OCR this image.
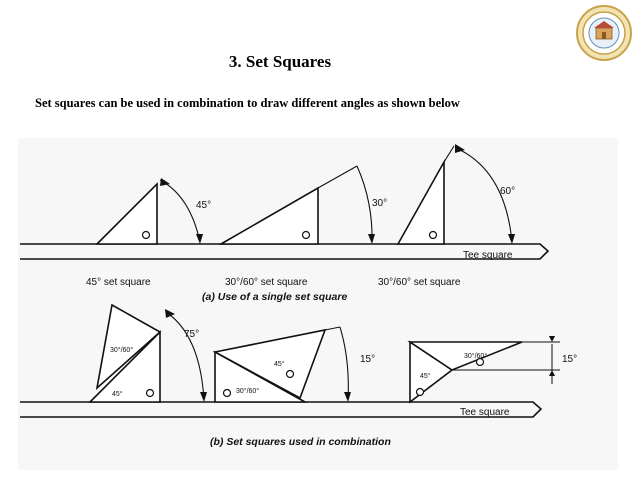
3. Set Squares
Set squares can be used in combination to draw different angles as shown below
45°	30°
60°
Tee square
45° set square	30°/60° set square	30°/60° set square
(a) Use of a single set square
30°/60°
45°
75°
45°
30°/60°
15°
45°
30°/60°	15°
Tee square
(b) Set squares used in combination
